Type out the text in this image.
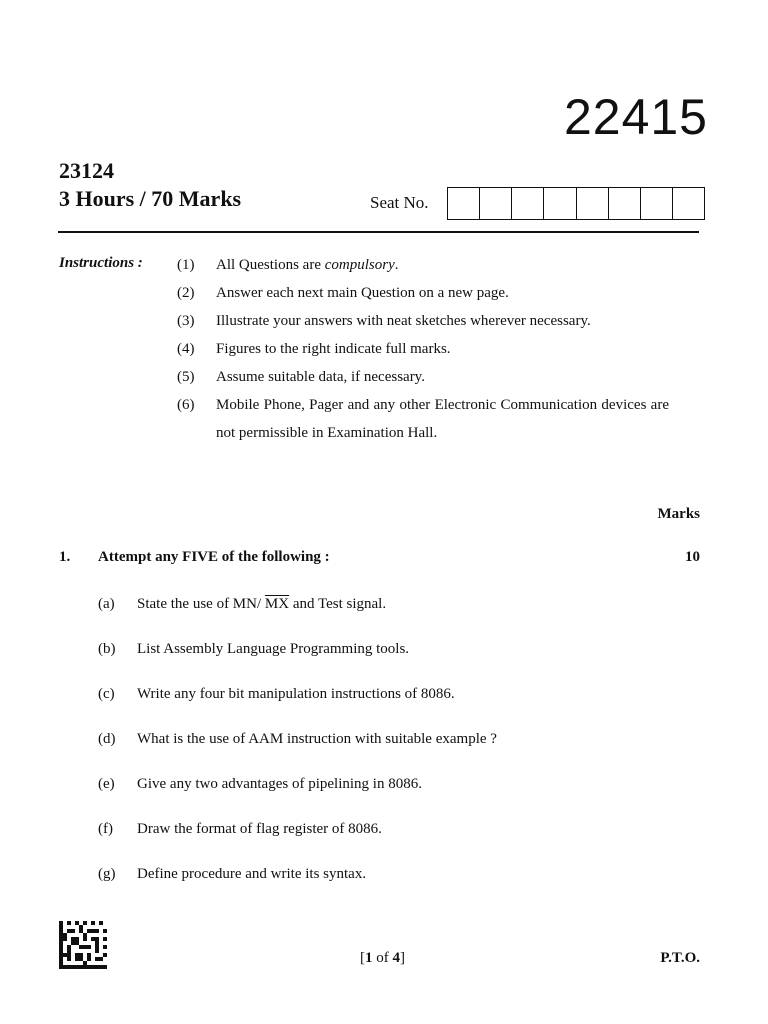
22415
23124
3 Hours / 70 Marks	Seat No.
Instructions : (1)	All Questions are compulsory.
(2)	Answer each next main Question on a new page.
(3)	Illustrate your answers with neat sketches wherever necessary.
(4)	Figures to the right indicate full marks.
(5)	Assume suitable data, if necessary.
(6)	Mobile Phone, Pager and any other Electronic Communication devices are not permissible in Examination Hall.
Marks
1. Attempt any FIVE of the following :	10
(a)	State the use of MN/ $\overline{MX}$ and Test signal.
(b)	List Assembly Language Programming tools.
(c)	Write any four bit manipulation instructions of 8086.
(d)	What is the use of AAM instruction with suitable example ?
(e)	Give any two advantages of pipelining in 8086.
(f)	Draw the format of flag register of 8086.
(g)	Define procedure and write its syntax.
[1 of 4]	P.T.O.
